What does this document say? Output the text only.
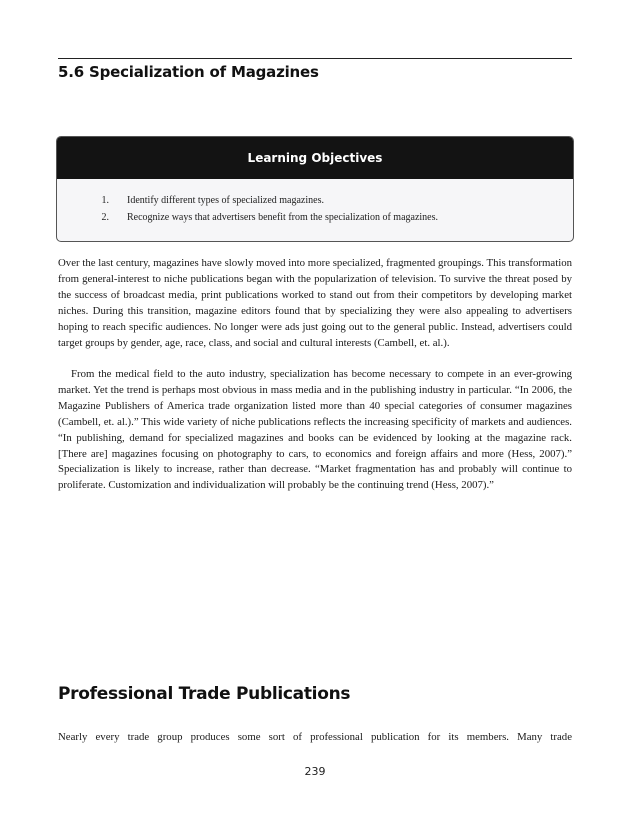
5.6 Specialization of Magazines
Learning Objectives
1.	Identify different types of specialized magazines.
2.	Recognize ways that advertisers benefit from the specialization of magazines.

Over the last century, magazines have slowly moved into more specialized, fragmented groupings. This transformation from general-interest to niche publications began with the popularization of television. To survive the threat posed by the success of broadcast media, print publications worked to stand out from their competitors by developing market niches. During this transition, magazine editors found that by specializing they were also appealing to advertisers hoping to reach specific audiences. No longer were ads just going out to the general public. Instead, advertisers could target groups by gender, age, race, class, and social and cultural interests (Cambell, et. al.).

From the medical field to the auto industry, specialization has become necessary to compete in an ever-growing market. Yet the trend is perhaps most obvious in mass media and in the publishing industry in particular. “In 2006, the Magazine Publishers of America trade organization listed more than 40 special categories of consumer magazines (Cambell, et. al.).” This wide variety of niche publications reflects the increasing specificity of markets and audiences. “In publishing, demand for specialized magazines and books can be evidenced by looking at the magazine rack. [There are] magazines focusing on photography to cars, to economics and foreign affairs and more (Hess, 2007).” Specialization is likely to increase, rather than decrease. “Market fragmentation has and probably will continue to proliferate. Customization and individualization will probably be the continuing trend (Hess, 2007).”

Professional Trade Publications

Nearly every trade group produces some sort of professional publication for its members. Many trade

239
